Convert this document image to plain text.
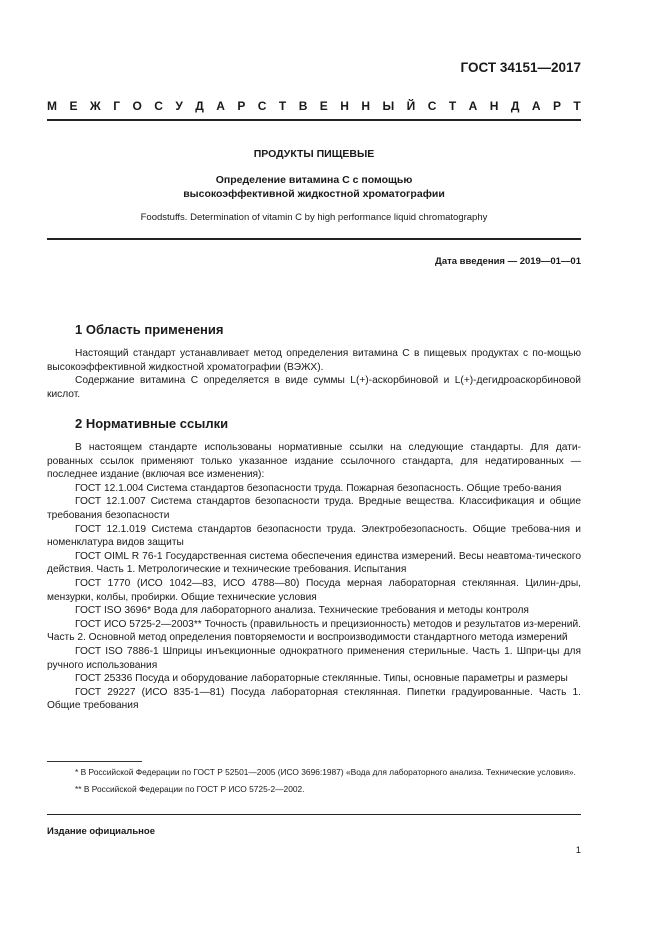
ГОСТ 34151—2017
М Е Ж Г О С У Д А Р С Т В Е Н Н Ы Й С Т А Н Д А Р Т
ПРОДУКТЫ ПИЩЕВЫЕ
Определение витамина С с помощью
высокоэффективной жидкостной хроматографии
Foodstuffs. Determination of vitamin C by high performance liquid chromatography
Дата введения — 2019—01—01
1 Область применения

Настоящий стандарт устанавливает метод определения витамина С в пищевых продуктах с по-мощью высокоэффективной жидкостной хроматографии (ВЭЖХ).

Содержание витамина С определяется в виде суммы L(+)-аскорбиновой и L(+)-дегидроаскорбиновой кислот.

2 Нормативные ссылки

В настоящем стандарте использованы нормативные ссылки на следующие стандарты. Для дати-рованных ссылок применяют только указанное издание ссылочного стандарта, для недатированных — последнее издание (включая все изменения):

ГОСТ 12.1.004 Система стандартов безопасности труда. Пожарная безопасность. Общие требо-вания

ГОСТ 12.1.007 Система стандартов безопасности труда. Вредные вещества. Классификация и общие требования безопасности

ГОСТ 12.1.019 Система стандартов безопасности труда. Электробезопасность. Общие требова-ния и номенклатура видов защиты

ГОСТ OIML R 76-1 Государственная система обеспечения единства измерений. Весы неавтома-тического действия. Часть 1. Метрологические и технические требования. Испытания

ГОСТ 1770 (ИСО 1042—83, ИСО 4788—80) Посуда мерная лабораторная стеклянная. Цилин-дры, мензурки, колбы, пробирки. Общие технические условия

ГОСТ ISO 3696* Вода для лабораторного анализа. Технические требования и методы контроля

ГОСТ ИСО 5725-2—2003** Точность (правильность и прецизионность) методов и результатов из-мерений. Часть 2. Основной метод определения повторяемости и воспроизводимости стандартного метода измерений

ГОСТ ISO 7886-1 Шприцы инъекционные однократного применения стерильные. Часть 1. Шпри-цы для ручного использования

ГОСТ 25336 Посуда и оборудование лабораторные стеклянные. Типы, основные параметры и размеры

ГОСТ 29227 (ИСО 835-1—81) Посуда лабораторная стеклянная. Пипетки градуированные. Часть 1. Общие требования

* В Российской Федерации по ГОСТ Р 52501—2005 (ИСО 3696:1987) «Вода для лабораторного анализа. Технические условия».

** В Российской Федерации по ГОСТ Р ИСО 5725-2—2002.

Издание официальное
1
